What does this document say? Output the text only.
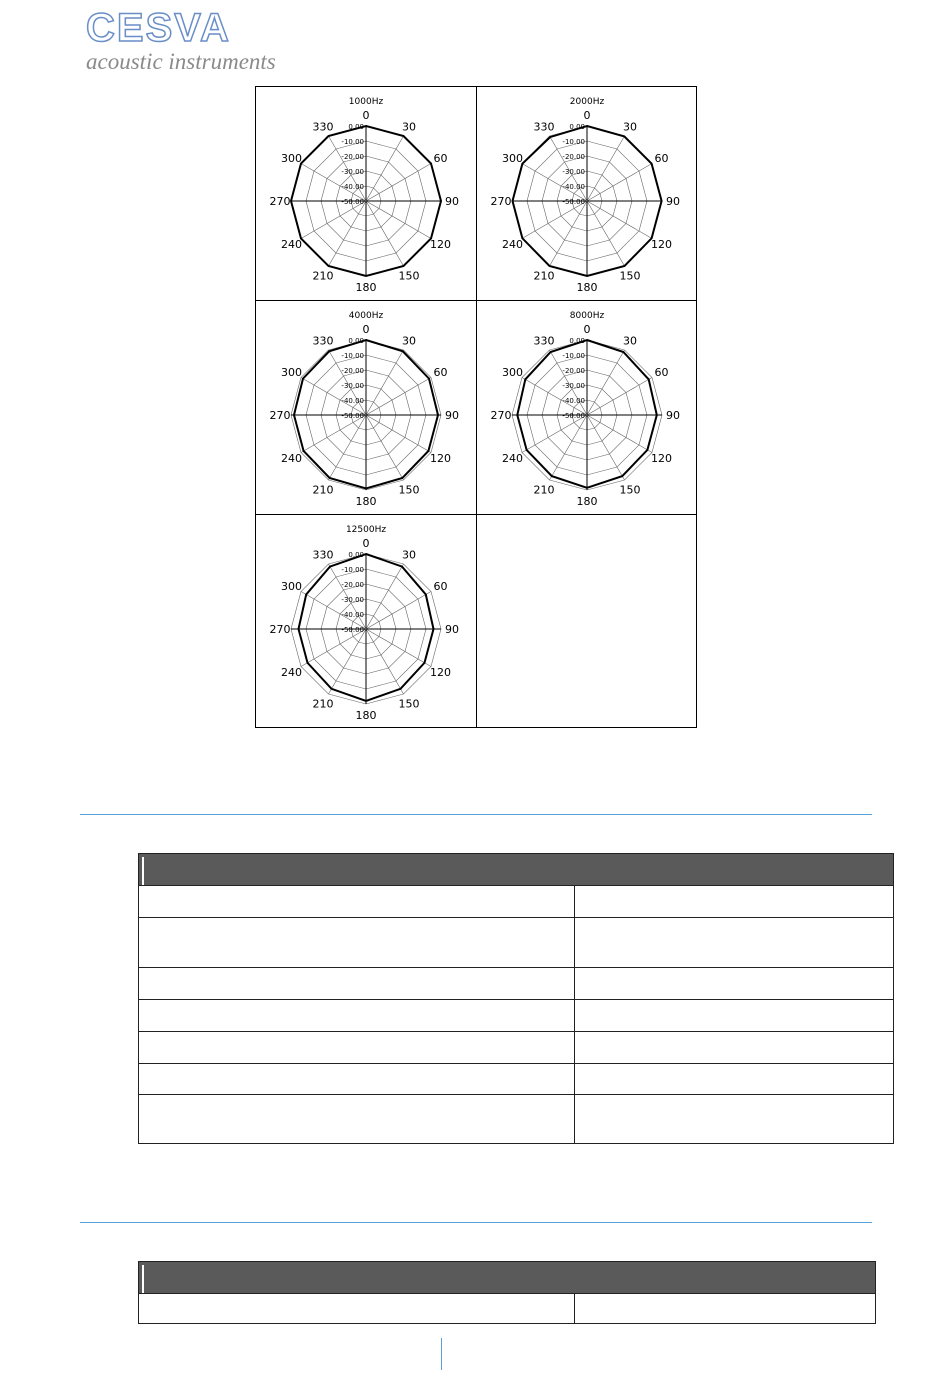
CESVA
acoustic instruments
1000Hz
0
30
60
90
120
150
180
210
240
270
300
330 0.00
-10.00
-20.00
-30.00
-40.00
-50.00
2000Hz
0
30
60
90
120
150
180
210
240
270
300
330 0.00
-10.00
-20.00
-30.00
-40.00
-50.00
4000Hz
0
30
60
90
120
150
180
210
240
270
300
330 0.00
-10.00
-20.00
-30.00
-40.00
-50.00
8000Hz
0
30
60
90
120
150
180
210
240
270
300
330 0.00
-10.00
-20.00
-30.00
-40.00
-50.00
12500Hz
0
30
60
90
120
150
180
210
240
270
300
330 0.00
-10.00
-20.00
-30.00
-40.00
-50.00
